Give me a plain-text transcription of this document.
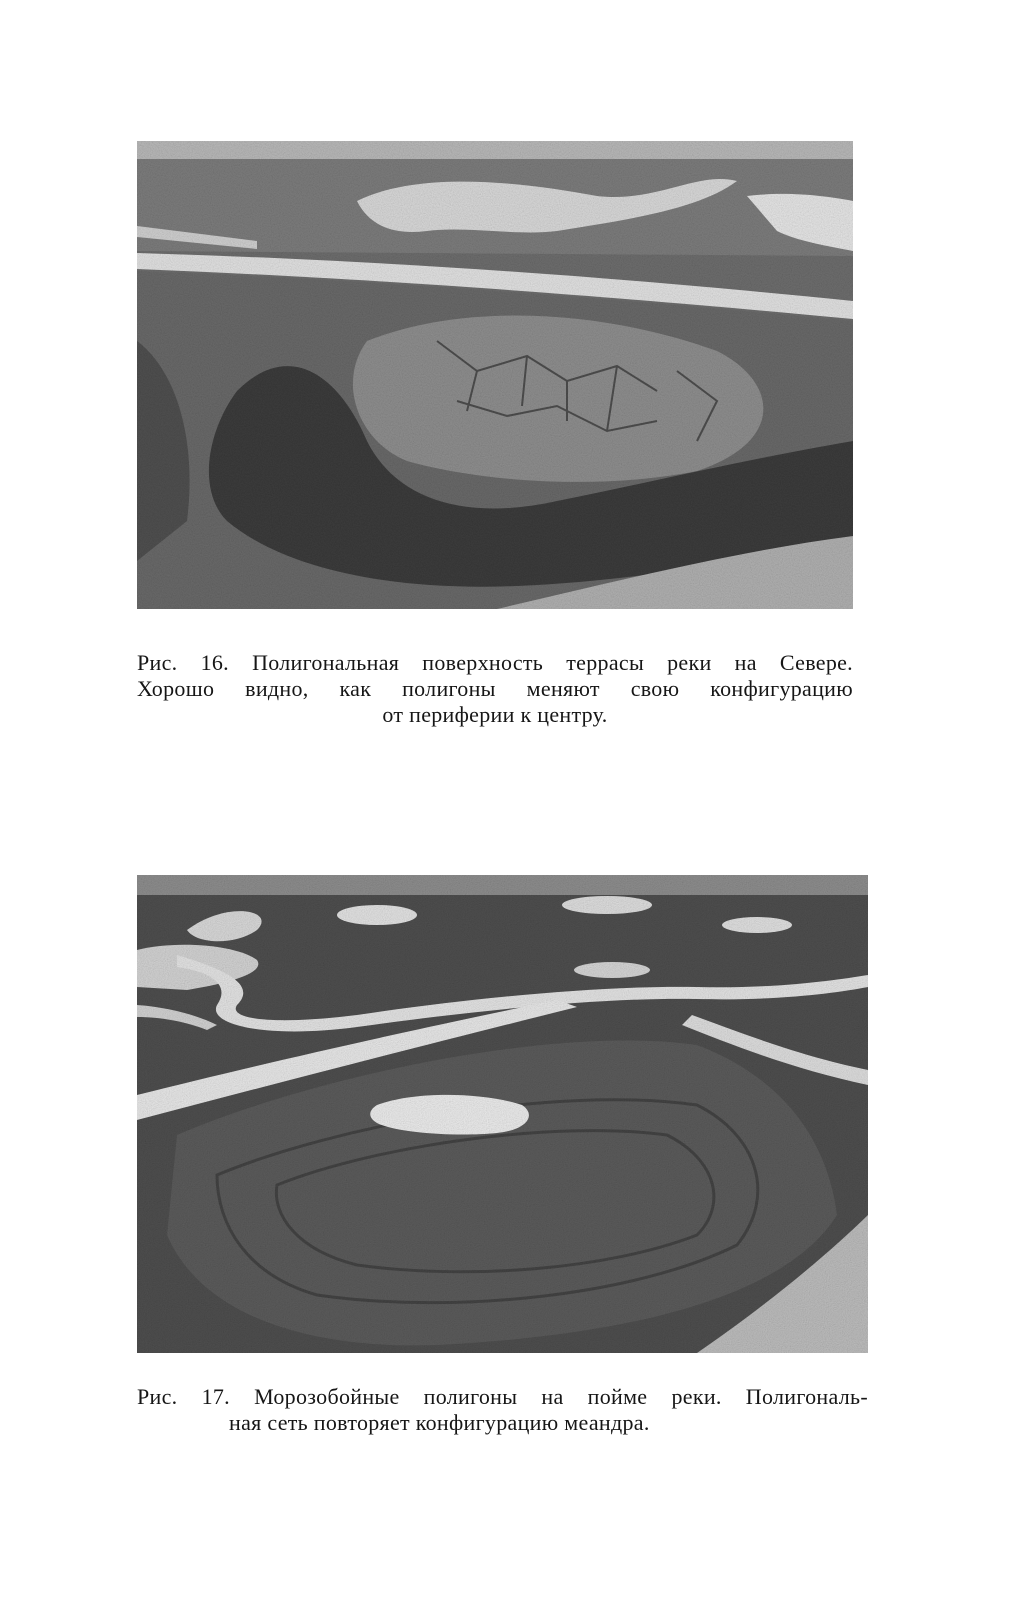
Рис. 16. Полигональная поверхность террасы реки на Севере.
Хорошо видно, как полигоны меняют свою конфигурацию
от периферии к центру.
Рис. 17. Морозобойные полигоны на пойме реки. Полигональ-
ная сеть повторяет конфигурацию меандра.
